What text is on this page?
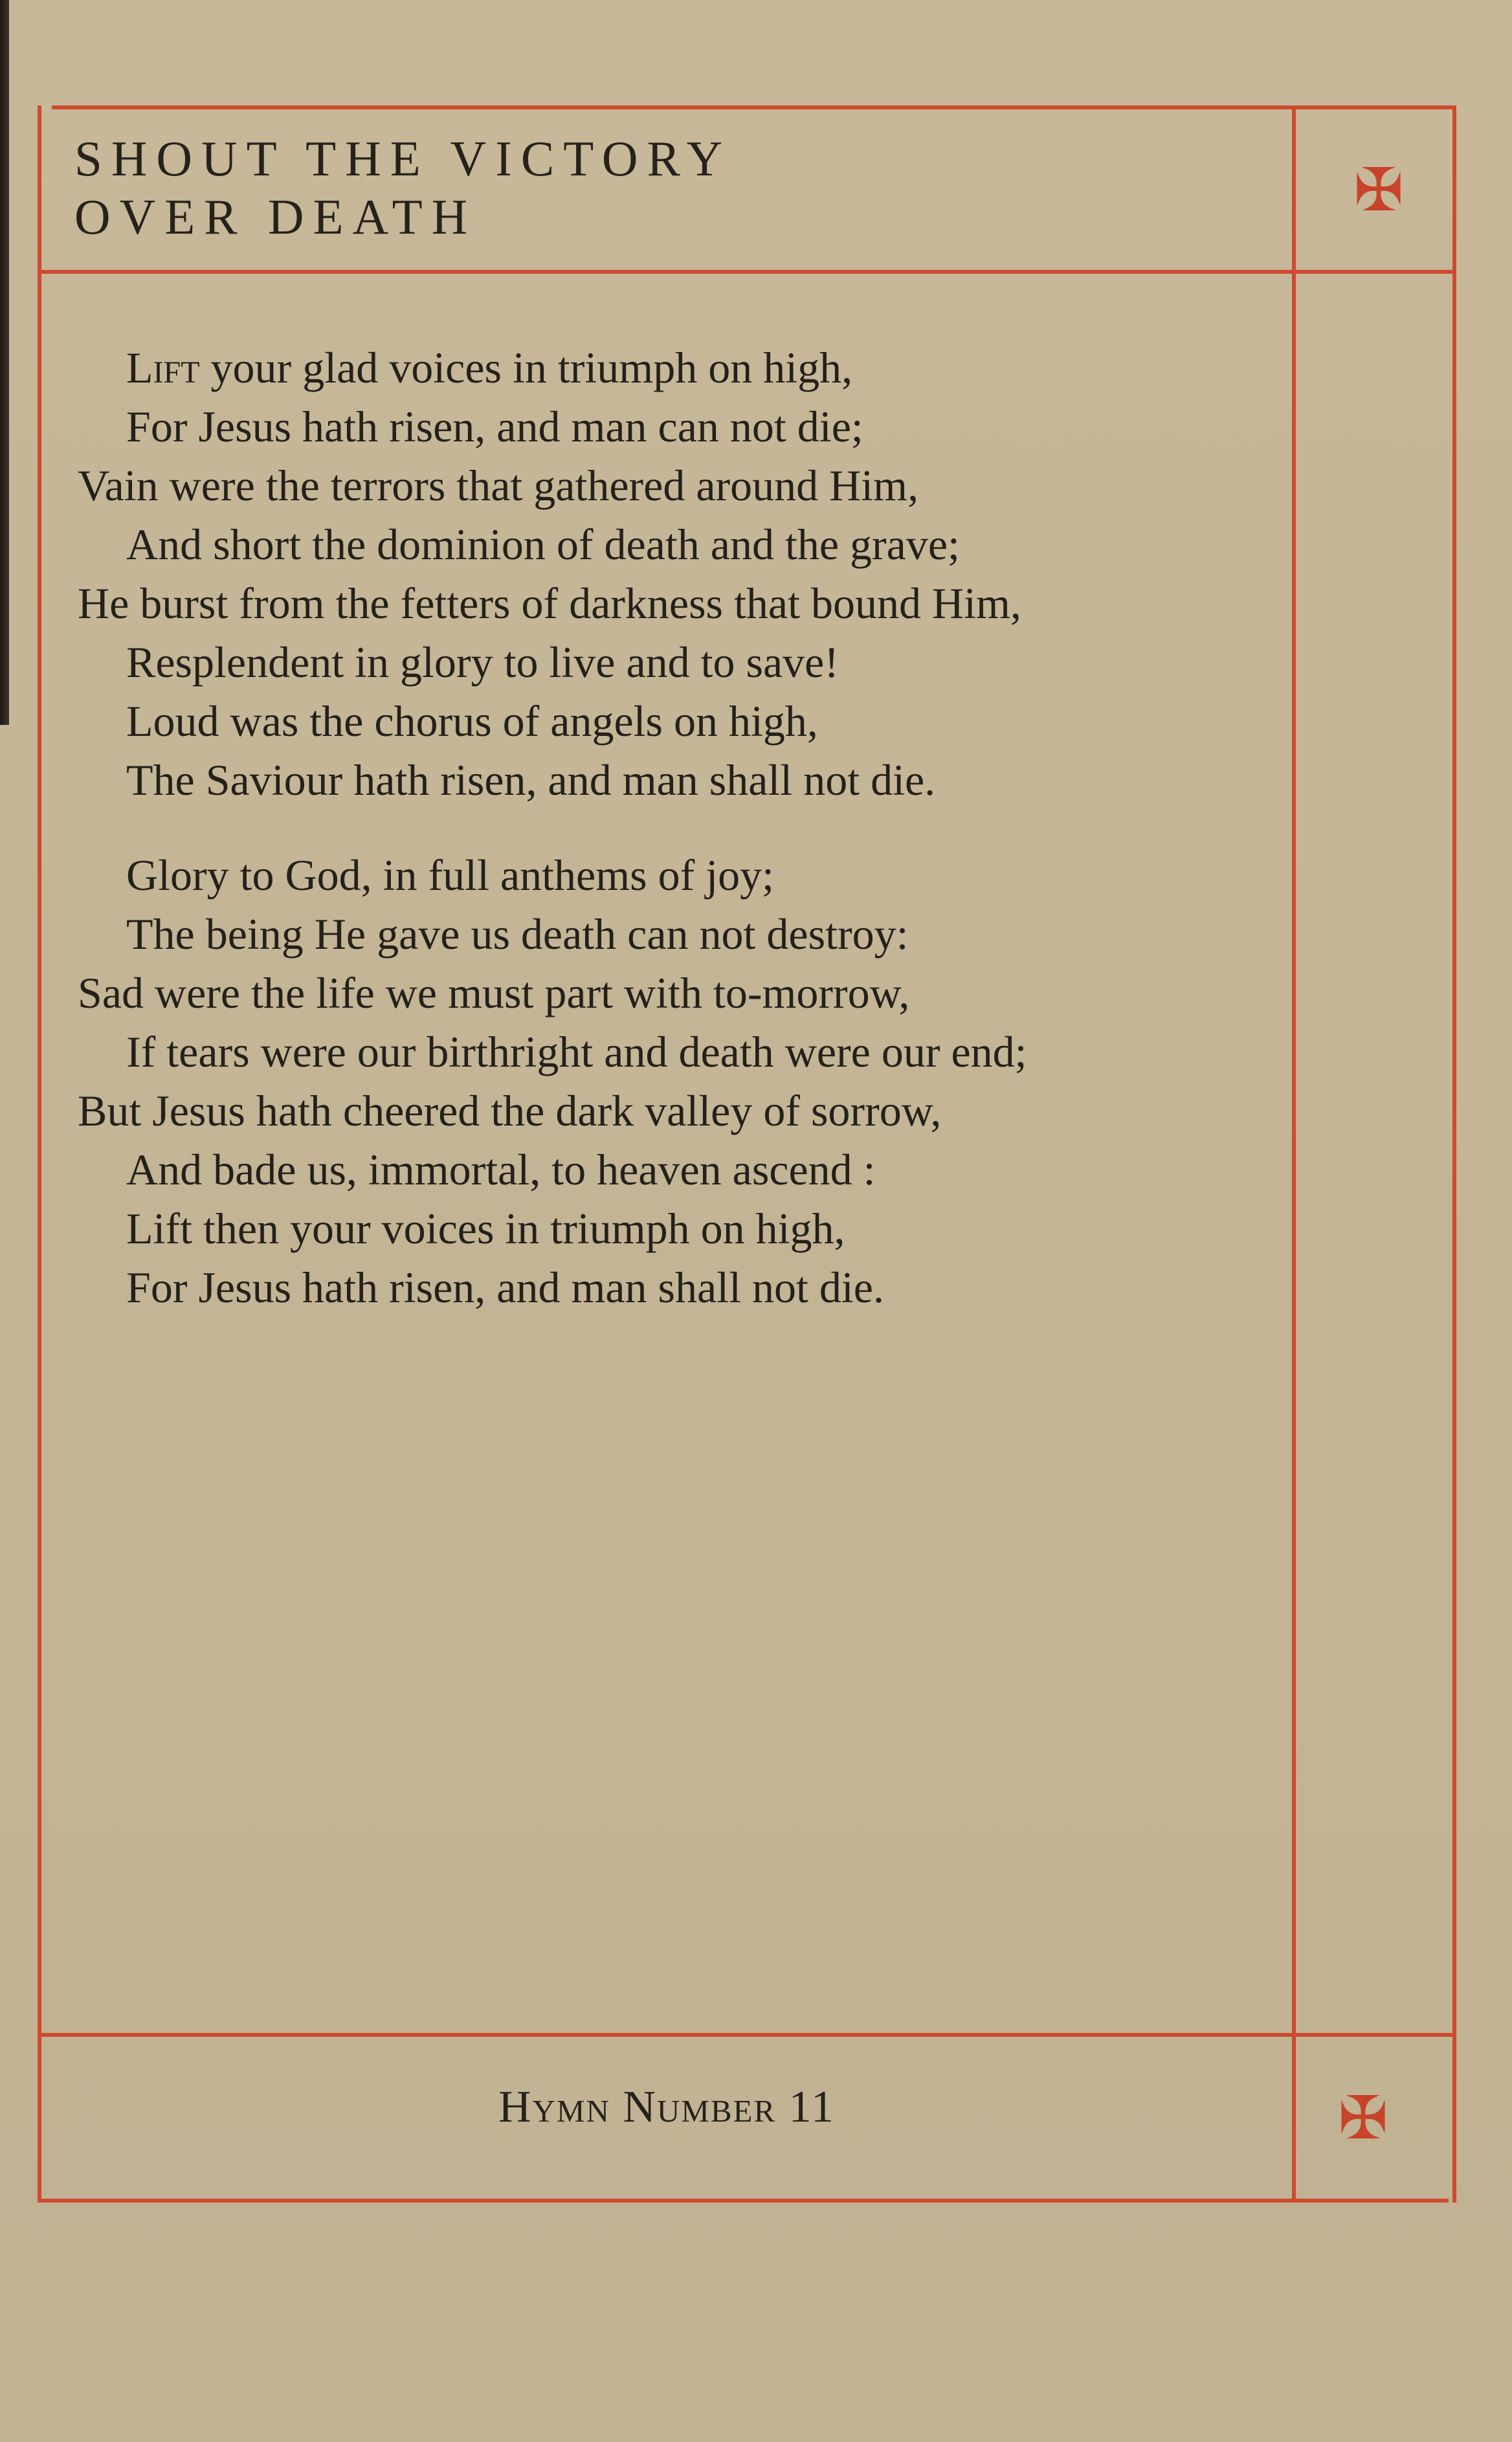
SHOUT THE VICTORY
OVER DEATH	✠
Lift your glad voices in triumph on high,
For Jesus hath risen, and man can not die;
Vain were the terrors that gathered around Him,
And short the dominion of death and the grave;
He burst from the fetters of darkness that bound Him,
Resplendent in glory to live and to save!
Loud was the chorus of angels on high,
The Saviour hath risen, and man shall not die.
Glory to God, in full anthems of joy;
The being He gave us death can not destroy:
Sad were the life we must part with to-morrow,
If tears were our birthright and death were our end;
But Jesus hath cheered the dark valley of sorrow,
And bade us, immortal, to heaven ascend :
Lift then your voices in triumph on high,
For Jesus hath risen, and man shall not die.
Hymn Number 11	✠
